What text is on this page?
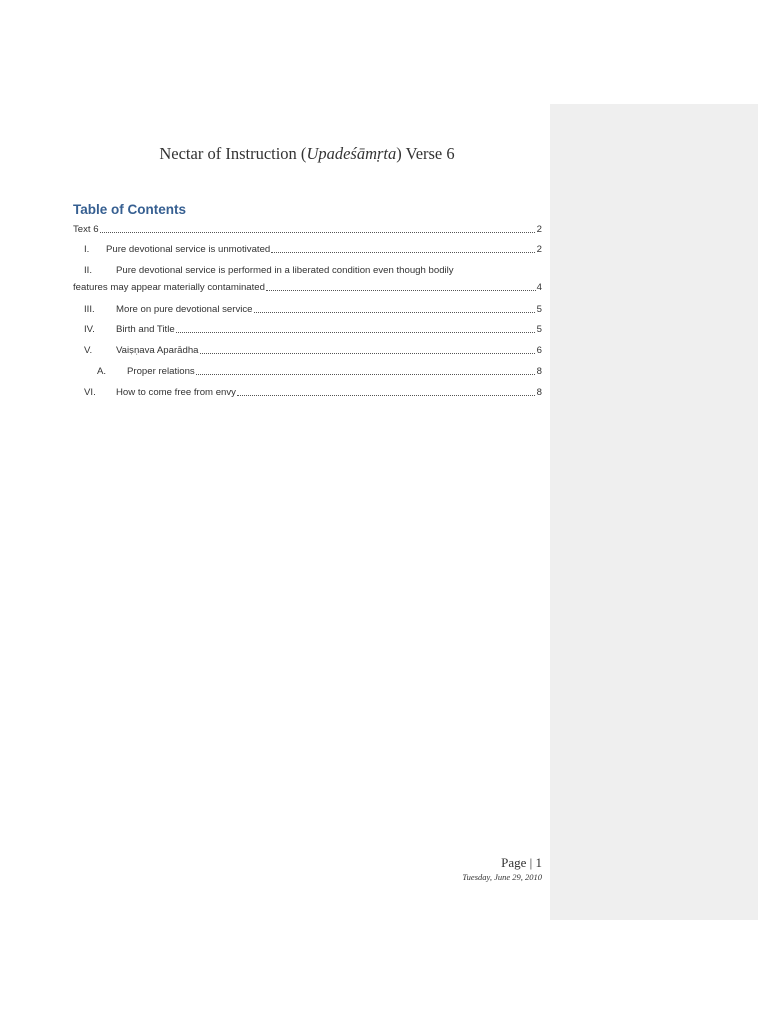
Nectar of Instruction (Upadeśāmṛta) Verse 6
Table of Contents
Text 6	2
I.	Pure devotional service is unmotivated	2
II.	Pure devotional service is performed in a liberated condition even though bodily
features may appear materially contaminated	4
III.	More on pure devotional service	5
IV.	Birth and Title	5
V.	Vaiṣṇava Aparādha	6
A.	Proper relations	8
VI.	How to come free from envy	8
Page | 1
Tuesday, June 29, 2010
